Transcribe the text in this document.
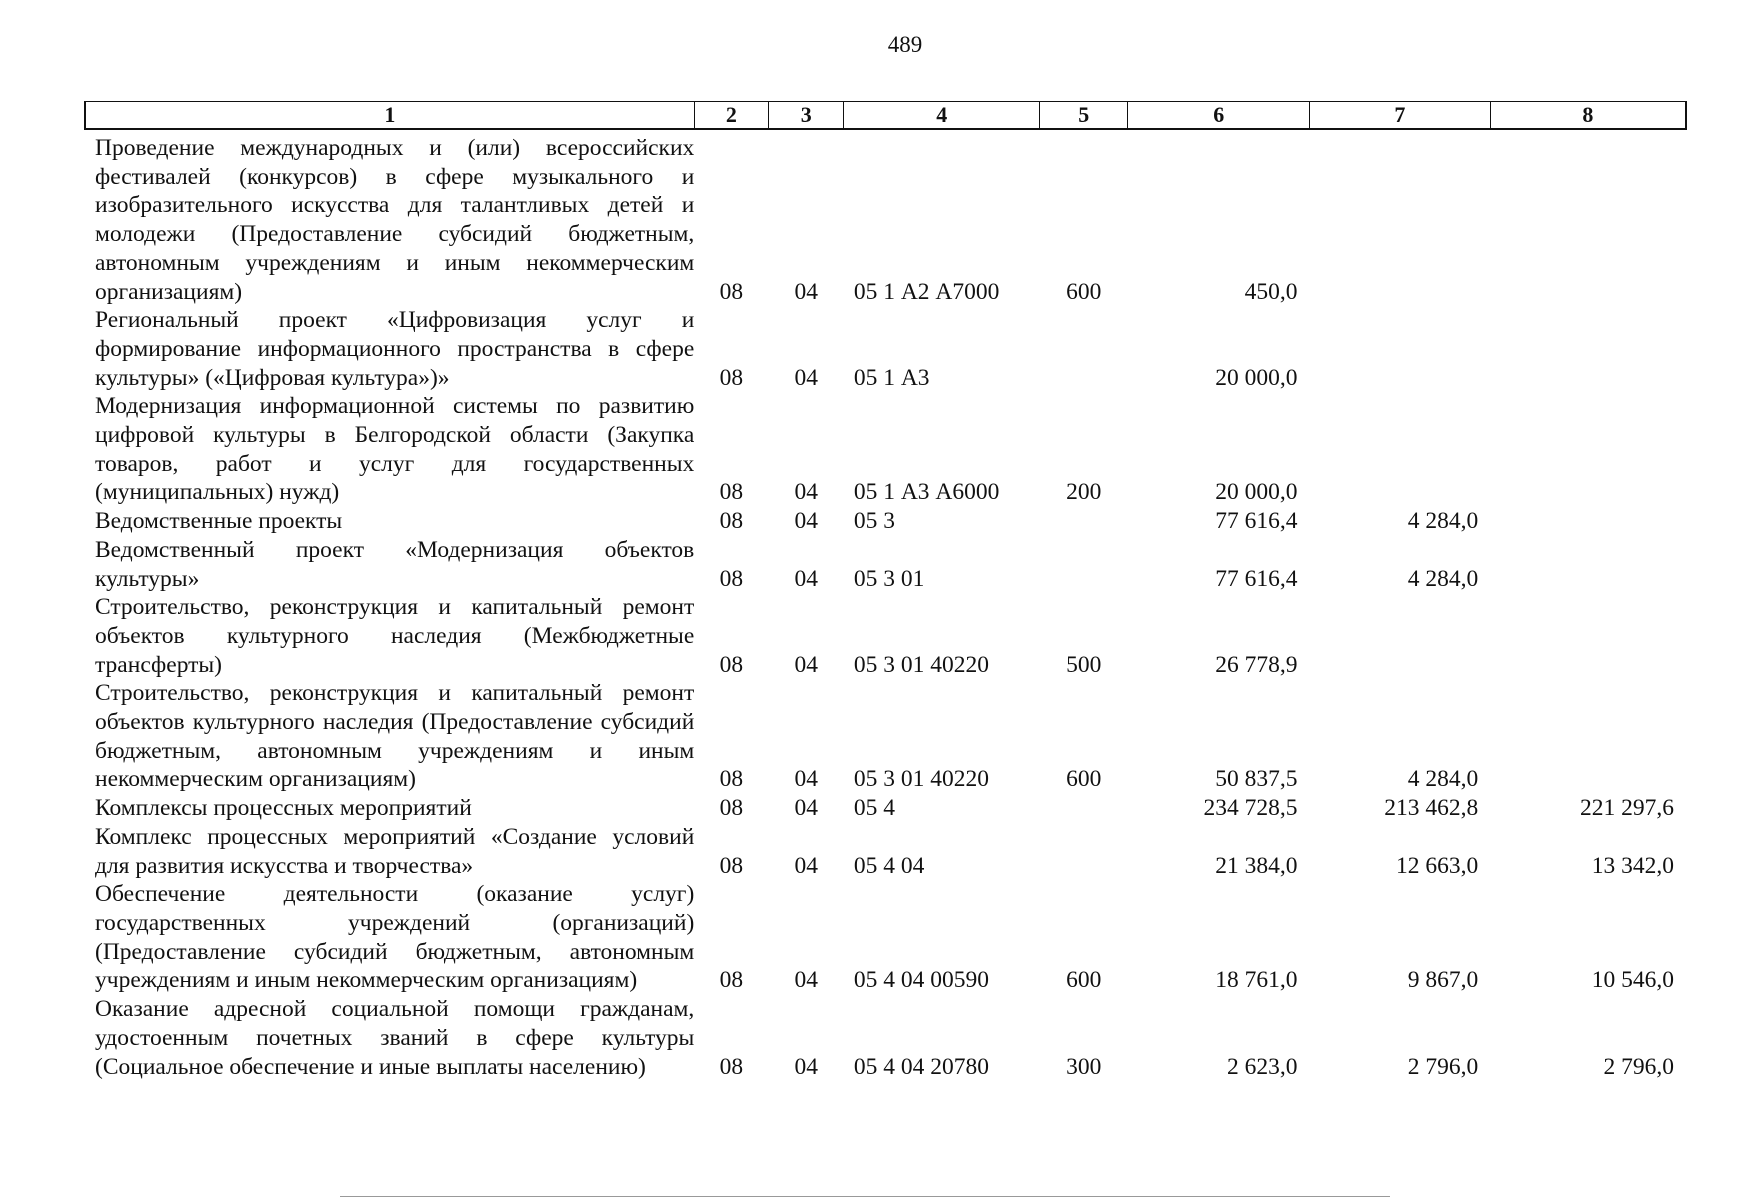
489
1	2	3	4	5	6	7	8
Проведение международных и (или) всероссийских фестивалей (конкурсов) в сфере музыкального и изобразительного искусства для талантливых детей и молодежи (Предоставление субсидий бюджетным, автономным учреждениям и иным некоммерческим организациям)	08	04	05 1 А2 А7000	600	450,0		
Региональный проект «Цифровизация услуг и формирование информационного пространства в сфере культуры» («Цифровая культура»)»	08	04	05 1 А3		20 000,0		
Модернизация информационной системы по развитию цифровой культуры в Белгородской области (Закупка товаров, работ и услуг для государственных (муниципальных) нужд)	08	04	05 1 А3 А6000	200	20 000,0		
Ведомственные проекты	08	04	05 3		77 616,4	4 284,0	
Ведомственный проект «Модернизация объектов культуры»	08	04	05 3 01		77 616,4	4 284,0	
Строительство, реконструкция и капитальный ремонт объектов культурного наследия (Межбюджетные трансферты)	08	04	05 3 01 40220	500	26 778,9		
Строительство, реконструкция и капитальный ремонт объектов культурного наследия (Предоставление субсидий бюджетным, автономным учреждениям и иным некоммерческим организациям)	08	04	05 3 01 40220	600	50 837,5	4 284,0	
Комплексы процессных мероприятий	08	04	05 4		234 728,5	213 462,8	221 297,6
Комплекс процессных мероприятий «Создание условий для развития искусства и творчества»	08	04	05 4 04		21 384,0	12 663,0	13 342,0
Обеспечение деятельности (оказание услуг) государственных учреждений (организаций) (Предоставление субсидий бюджетным, автономным учреждениям и иным некоммерческим организациям)	08	04	05 4 04 00590	600	18 761,0	9 867,0	10 546,0
Оказание адресной социальной помощи гражданам, удостоенным почетных званий в сфере культуры (Социальное обеспечение и иные выплаты населению)	08	04	05 4 04 20780	300	2 623,0	2 796,0	2 796,0
